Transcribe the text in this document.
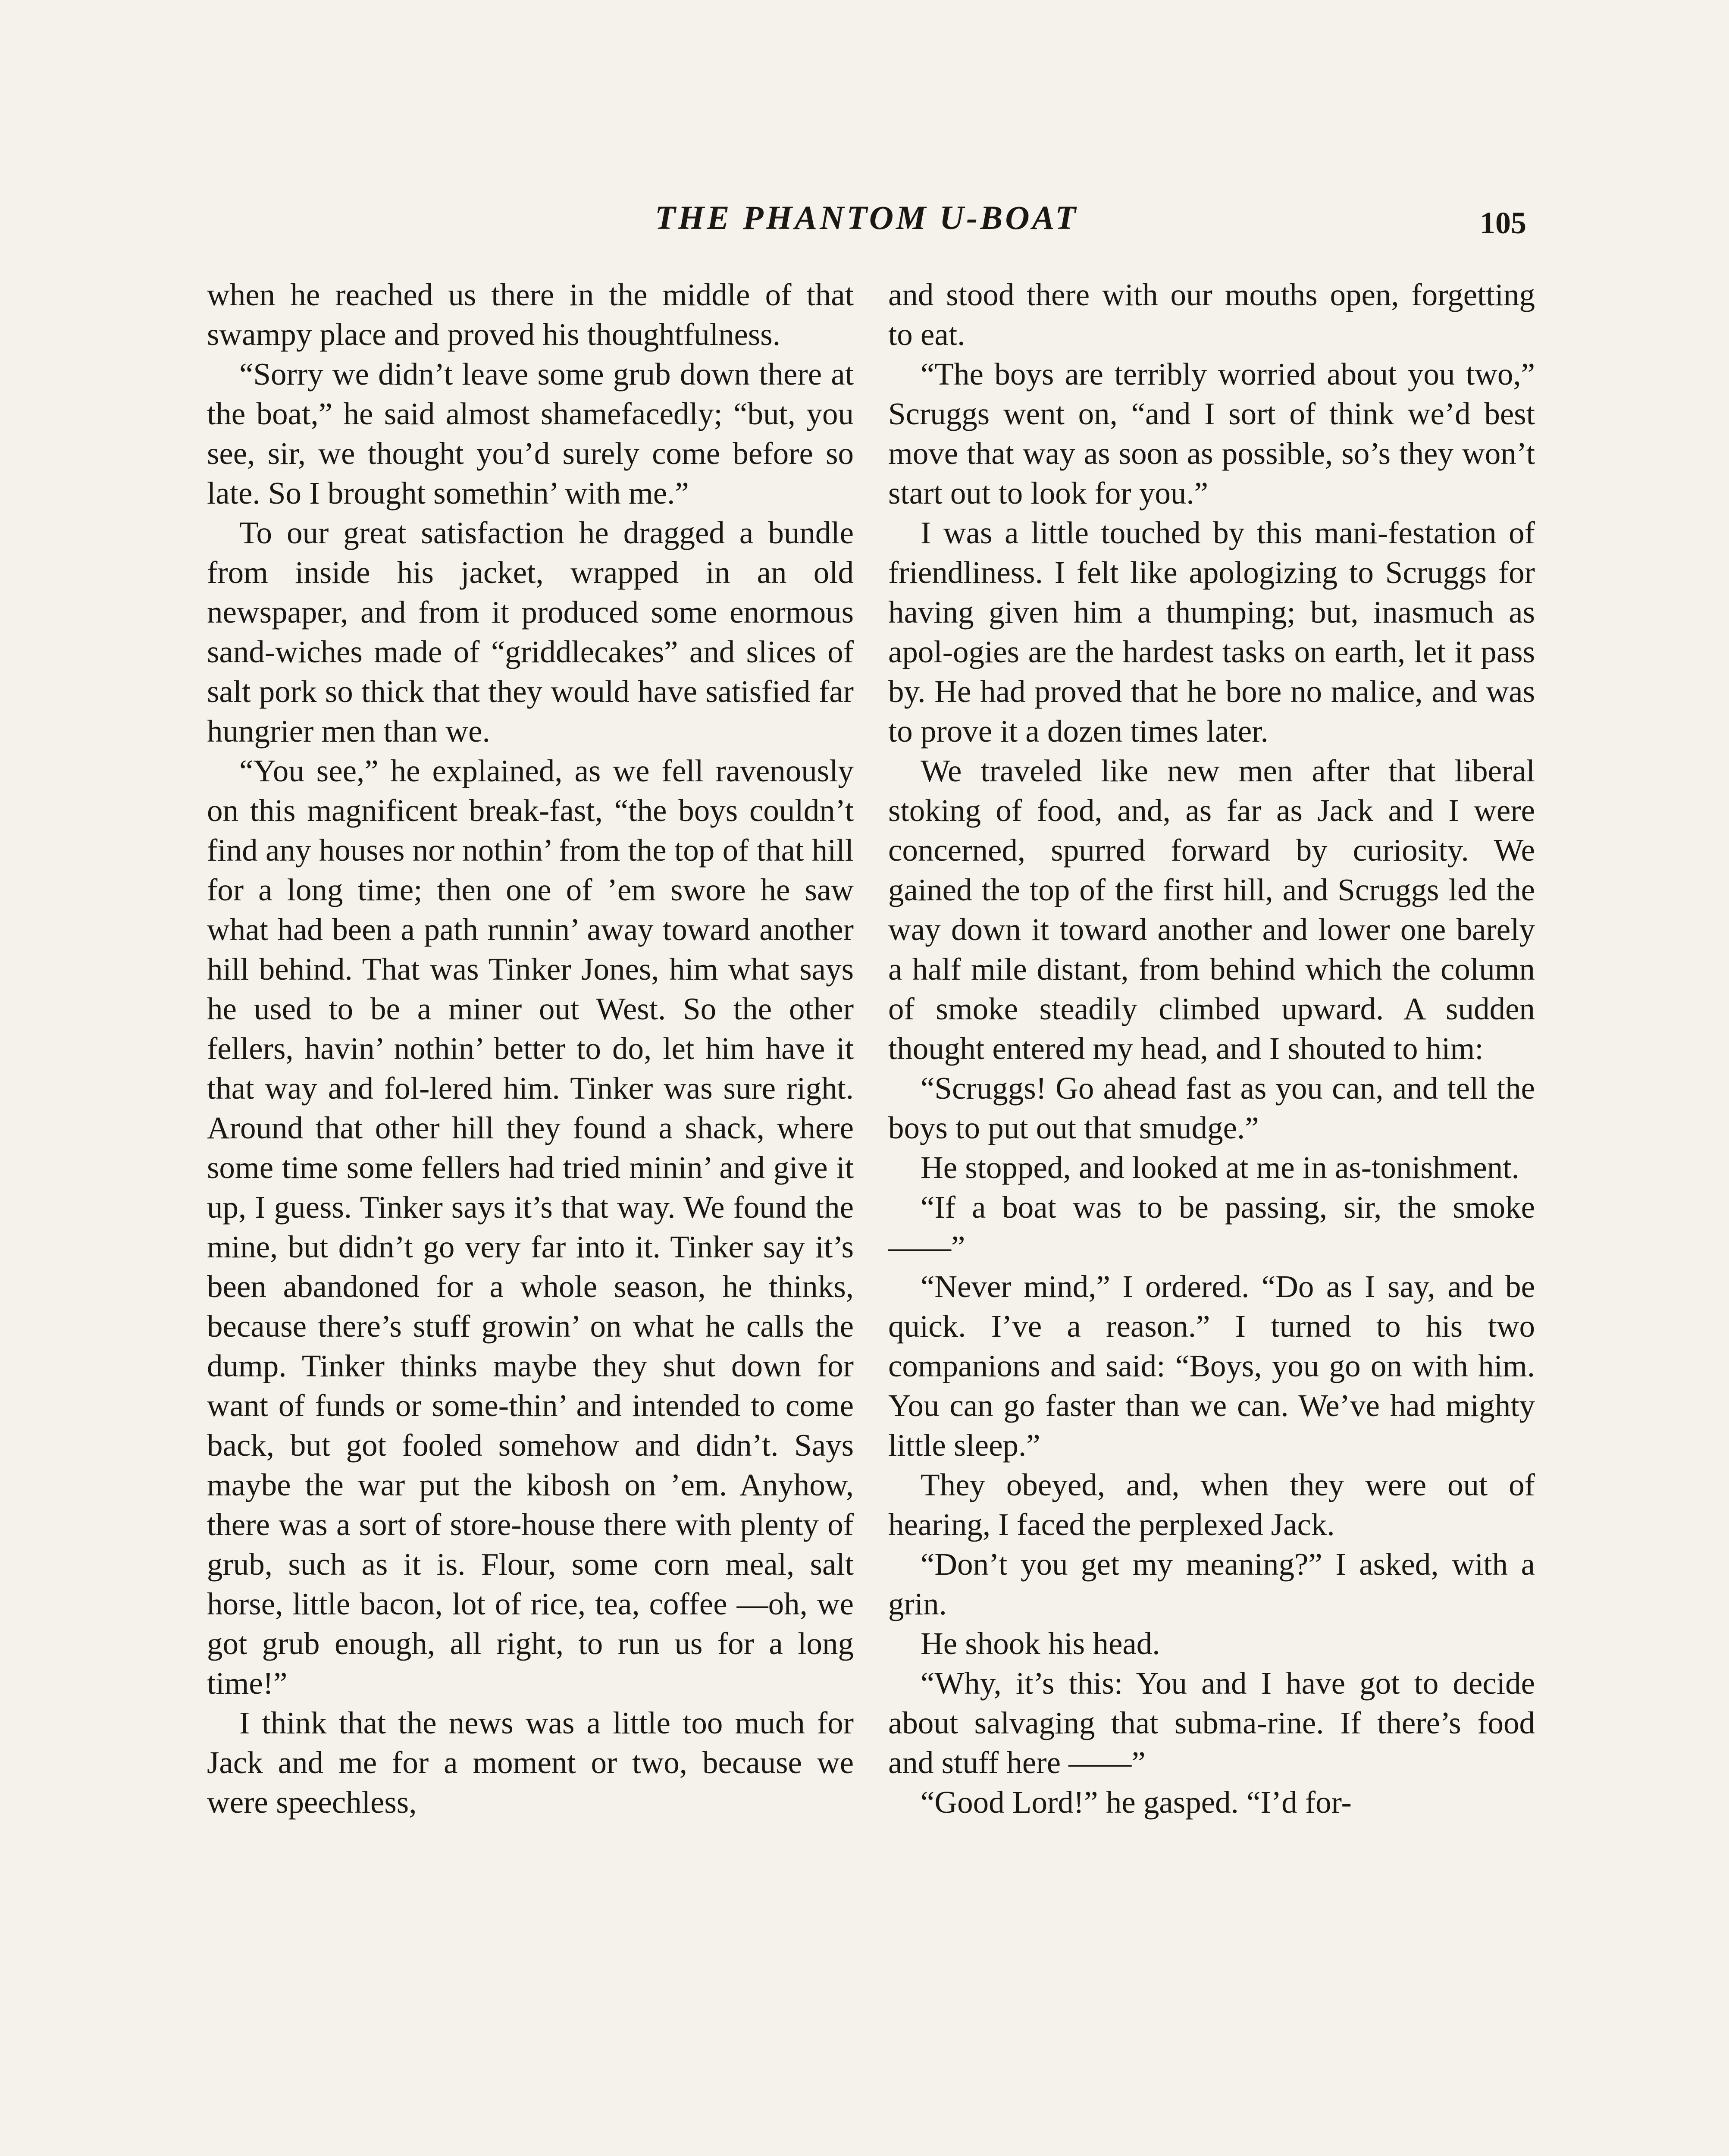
THE PHANTOM U-BOAT	105

when he reached us there in the middle of that swampy place and proved his thoughtfulness.

“Sorry we didn’t leave some grub down there at the boat,” he said almost shamefacedly; “but, you see, sir, we thought you’d surely come before so late. So I brought somethin’ with me.”

To our great satisfaction he dragged a bundle from inside his jacket, wrapped in an old newspaper, and from it produced some enormous sand-wiches made of “griddlecakes” and slices of salt pork so thick that they would have satisfied far hungrier men than we.

“You see,” he explained, as we fell ravenously on this magnificent break-fast, “the boys couldn’t find any houses nor nothin’ from the top of that hill for a long time; then one of ’em swore he saw what had been a path runnin’ away toward another hill behind. That was Tinker Jones, him what says he used to be a miner out West. So the other fellers, havin’ nothin’ better to do, let him have it that way and fol-lered him. Tinker was sure right. Around that other hill they found a shack, where some time some fellers had tried minin’ and give it up, I guess. Tinker says it’s that way. We found the mine, but didn’t go very far into it. Tinker say it’s been abandoned for a whole season, he thinks, because there’s stuff growin’ on what he calls the dump. Tinker thinks maybe they shut down for want of funds or some-thin’ and intended to come back, but got fooled somehow and didn’t. Says maybe the war put the kibosh on ’em. Anyhow, there was a sort of store-house there with plenty of grub, such as it is. Flour, some corn meal, salt horse, little bacon, lot of rice, tea, coffee —oh, we got grub enough, all right, to run us for a long time!”

I think that the news was a little too much for Jack and me for a moment or two, because we were speechless,

and stood there with our mouths open, forgetting to eat.

“The boys are terribly worried about you two,” Scruggs went on, “and I sort of think we’d best move that way as soon as possible, so’s they won’t start out to look for you.”

I was a little touched by this mani-festation of friendliness. I felt like apologizing to Scruggs for having given him a thumping; but, inasmuch as apol-ogies are the hardest tasks on earth, let it pass by. He had proved that he bore no malice, and was to prove it a dozen times later.

We traveled like new men after that liberal stoking of food, and, as far as Jack and I were concerned, spurred forward by curiosity. We gained the top of the first hill, and Scruggs led the way down it toward another and lower one barely a half mile distant, from behind which the column of smoke steadily climbed upward. A sudden thought entered my head, and I shouted to him:

“Scruggs! Go ahead fast as you can, and tell the boys to put out that smudge.”

He stopped, and looked at me in as-tonishment.

“If a boat was to be passing, sir, the smoke——”

“Never mind,” I ordered. “Do as I say, and be quick. I’ve a reason.” I turned to his two companions and said: “Boys, you go on with him. You can go faster than we can. We’ve had mighty little sleep.”

They obeyed, and, when they were out of hearing, I faced the perplexed Jack.

“Don’t you get my meaning?” I asked, with a grin.

He shook his head.

“Why, it’s this: You and I have got to decide about salvaging that subma-rine. If there’s food and stuff here ——”

“Good Lord!” he gasped. “I’d for-
